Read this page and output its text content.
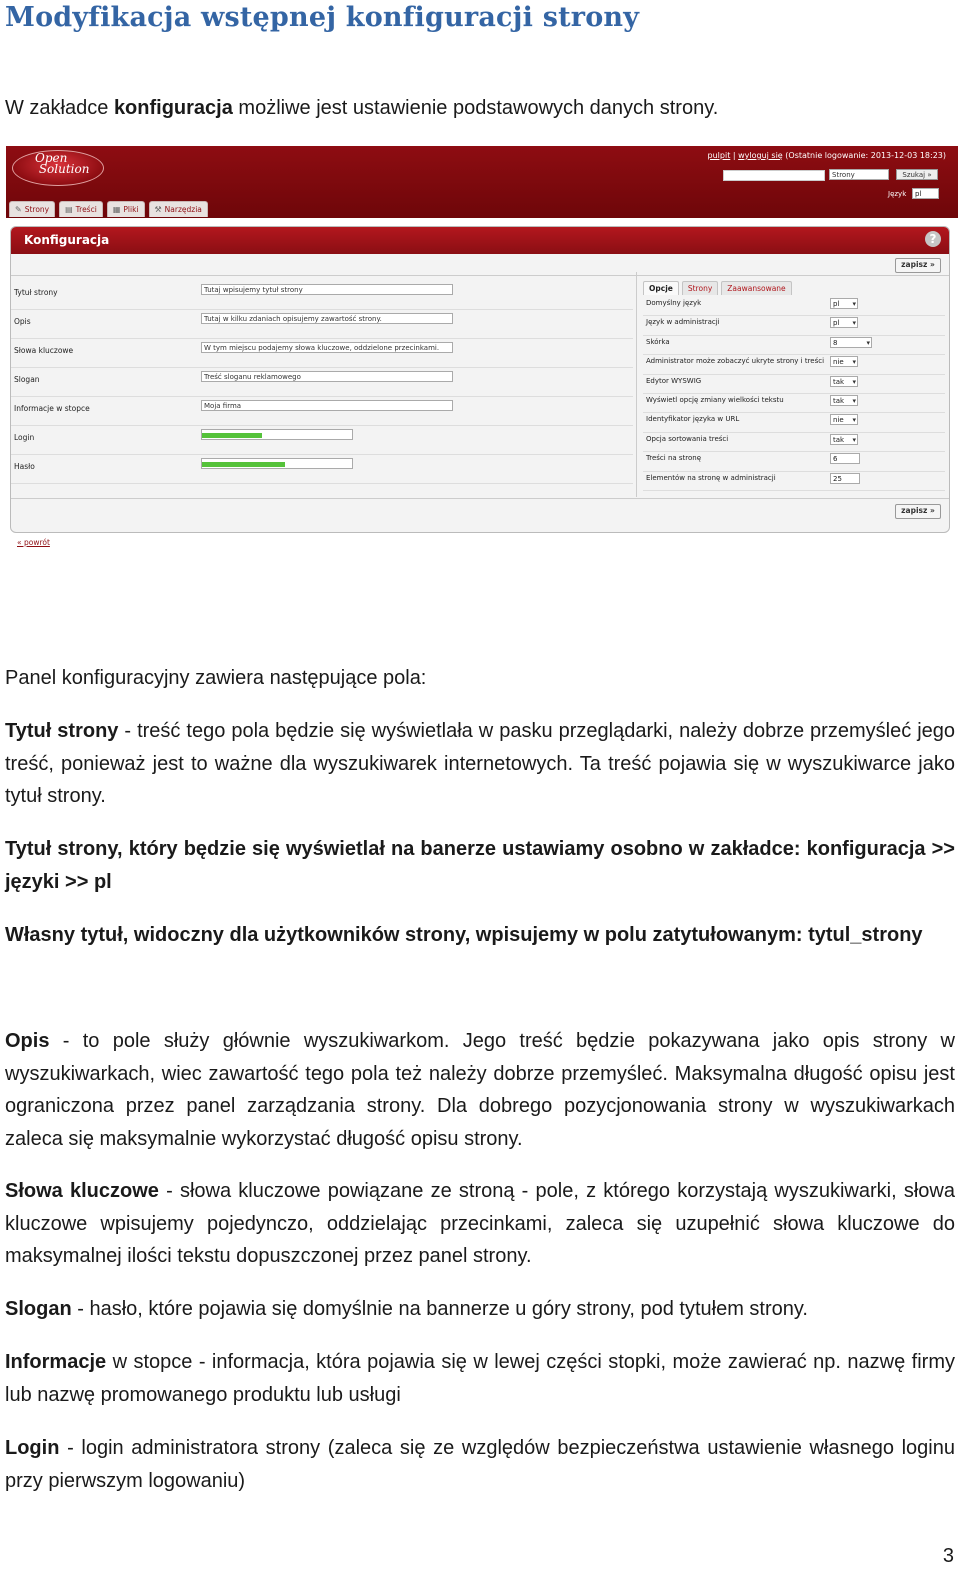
Modyfikacja wstępnej konfiguracji strony
W zakładce konfiguracja możliwe jest ustawienie podstawowych danych strony.
Open
Solution
pulpit | wyloguj się (Ostatnie logowanie: 2013-12-03 18:23)
Strony	Szukaj »
Język	pl
✎ Strony ▤ Treści ▦ Pliki ⚒ Narzędzia
Konfiguracja	?
zapisz »
Tytuł strony	Tutaj wpisujemy tytuł strony
Opis	Tutaj w kilku zdaniach opisujemy zawartość strony.
Słowa kluczowe	W tym miejscu podajemy słowa kluczowe, oddzielone przecinkami.
Slogan	Treść sloganu reklamowego
Informacje w stopce	Moja firma
Login
Hasło
Opcje	Strony	Zaawansowane
Domyślny język	pl ▾
Język w administracji	pl ▾
Skórka	8 ▾
Administrator może zobaczyć ukryte strony i treści	nie ▾
Edytor WYSWIG	tak ▾
Wyświetl opcję zmiany wielkości tekstu	tak ▾
Identyfikator języka w URL	nie ▾
Opcja sortowania treści	tak ▾
Treści na stronę	6
Elementów na stronę w administracji	25
zapisz »
« powrót
Panel konfiguracyjny zawiera następujące pola:
Tytuł strony - treść tego pola będzie się wyświetlała w pasku przeglądarki, należy dobrze przemyśleć jego treść, ponieważ jest to ważne dla wyszukiwarek internetowych. Ta treść pojawia się w wyszukiwarce jako tytuł strony.
Tytuł strony, który będzie się wyświetlał na banerze ustawiamy osobno w zakładce: konfiguracja >> języki >> pl
Własny tytuł, widoczny dla użytkowników strony, wpisujemy w polu zatytułowanym: tytul_strony
Opis - to pole służy głównie wyszukiwarkom. Jego treść będzie pokazywana jako opis strony w wyszukiwarkach, wiec zawartość tego pola też należy dobrze przemyśleć. Maksymalna długość opisu jest ograniczona przez panel zarządzania strony. Dla dobrego pozycjonowania strony w wyszukiwarkach zaleca się maksymalnie wykorzystać długość opisu strony.
Słowa kluczowe - słowa kluczowe powiązane ze stroną - pole, z którego korzystają wyszukiwarki, słowa kluczowe wpisujemy pojedynczo, oddzielając przecinkami, zaleca się uzupełnić słowa kluczowe do maksymalnej ilości tekstu dopuszczonej przez panel strony.
Slogan - hasło, które pojawia się domyślnie na bannerze u góry strony, pod tytułem strony.
Informacje w stopce - informacja, która pojawia się w lewej części stopki, może zawierać np. nazwę firmy lub nazwę promowanego produktu lub usługi
Login - login administratora strony (zaleca się ze względów bezpieczeństwa ustawienie własnego loginu przy pierwszym logowaniu)
3
